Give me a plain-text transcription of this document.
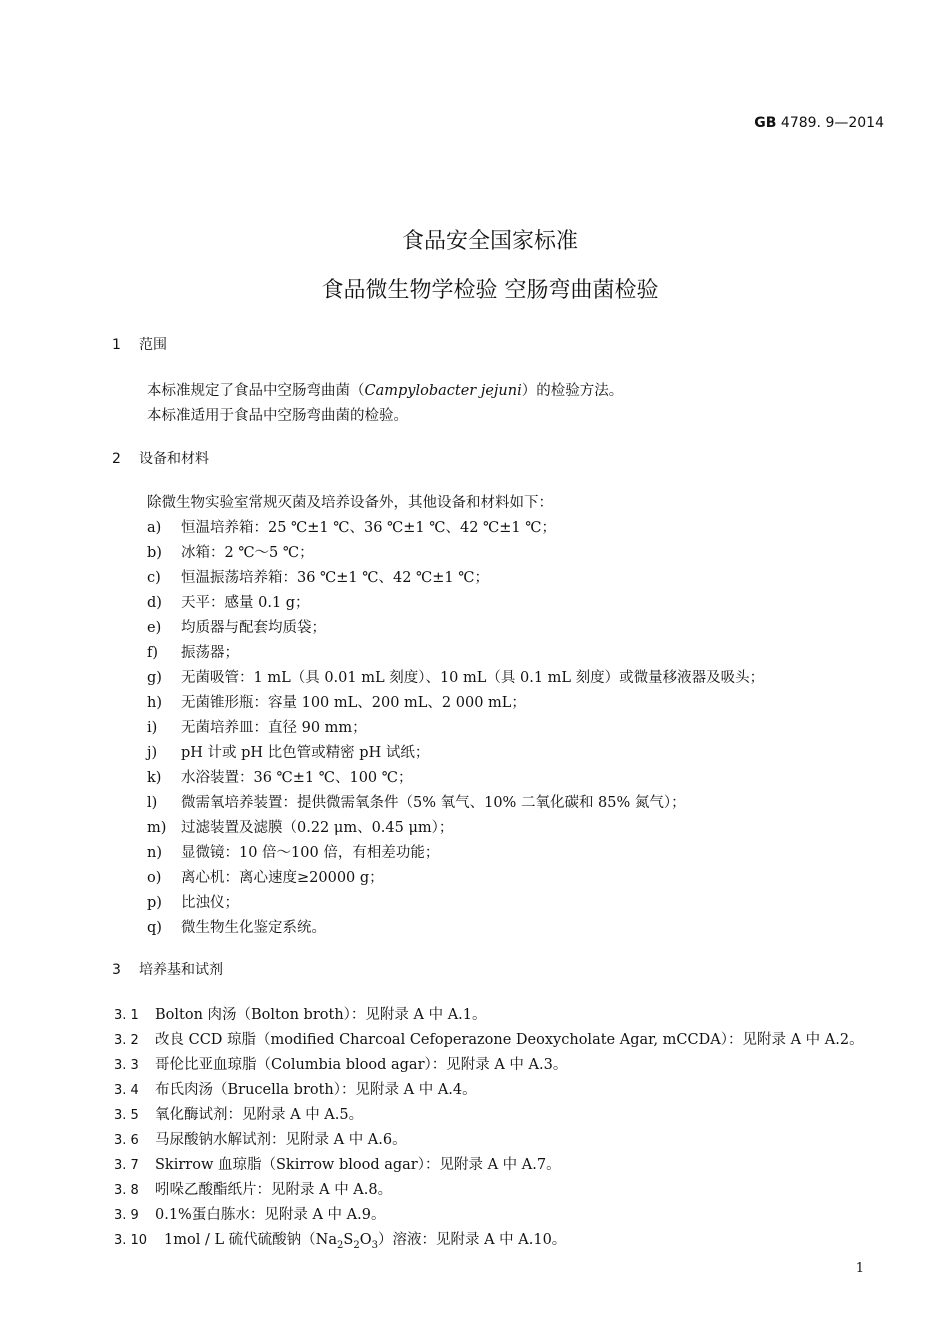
GB 4789. 9—2014
食品安全国家标准
食品微生物学检验 空肠弯曲菌检验
1 范围
本标准规定了食品中空肠弯曲菌（Campylobacter jejuni）的检验方法。
本标准适用于食品中空肠弯曲菌的检验。
2 设备和材料
除微生物实验室常规灭菌及培养设备外，其他设备和材料如下：
a) 恒温培养箱：25 ℃±1 ℃、36 ℃±1 ℃、42 ℃±1 ℃；
b) 冰箱：2 ℃～5 ℃；
c) 恒温振荡培养箱：36 ℃±1 ℃、42 ℃±1 ℃；
d) 天平：感量 0.1 g；
e) 均质器与配套均质袋；
f) 振荡器；
g) 无菌吸管：1 mL（具 0.01 mL 刻度）、10 mL（具 0.1 mL 刻度）或微量移液器及吸头；
h) 无菌锥形瓶：容量 100 mL、200 mL、2 000 mL；
i) 无菌培养皿：直径 90 mm；
j) pH 计或 pH 比色管或精密 pH 试纸；
k) 水浴装置：36 ℃±1 ℃、100 ℃；
l) 微需氧培养装置：提供微需氧条件（5% 氧气、10% 二氧化碳和 85% 氮气）；
m) 过滤装置及滤膜（0.22 μm、0.45 μm）；
n) 显微镜：10 倍～100 倍，有相差功能；
o) 离心机：离心速度≥20000 g；
p) 比浊仪；
q) 微生物生化鉴定系统。
3 培养基和试剂
3. 1 Bolton 肉汤（Bolton broth）：见附录 A 中 A.1。
3. 2 改良 CCD 琼脂（modified Charcoal Cefoperazone Deoxycholate Agar, mCCDA）：见附录 A 中 A.2。
3. 3 哥伦比亚血琼脂（Columbia blood agar）：见附录 A 中 A.3。
3. 4 布氏肉汤（Brucella broth）：见附录 A 中 A.4。
3. 5 氧化酶试剂：见附录 A 中 A.5。
3. 6 马尿酸钠水解试剂：见附录 A 中 A.6。
3. 7 Skirrow 血琼脂（Skirrow blood agar）：见附录 A 中 A.7。
3. 8 吲哚乙酸酯纸片：见附录 A 中 A.8。
3. 9 0.1%蛋白胨水：见附录 A 中 A.9。
3. 10 1mol / L 硫代硫酸钠$(Na_2S_2O_3)$溶液：见附录 A 中 A.10。
1
